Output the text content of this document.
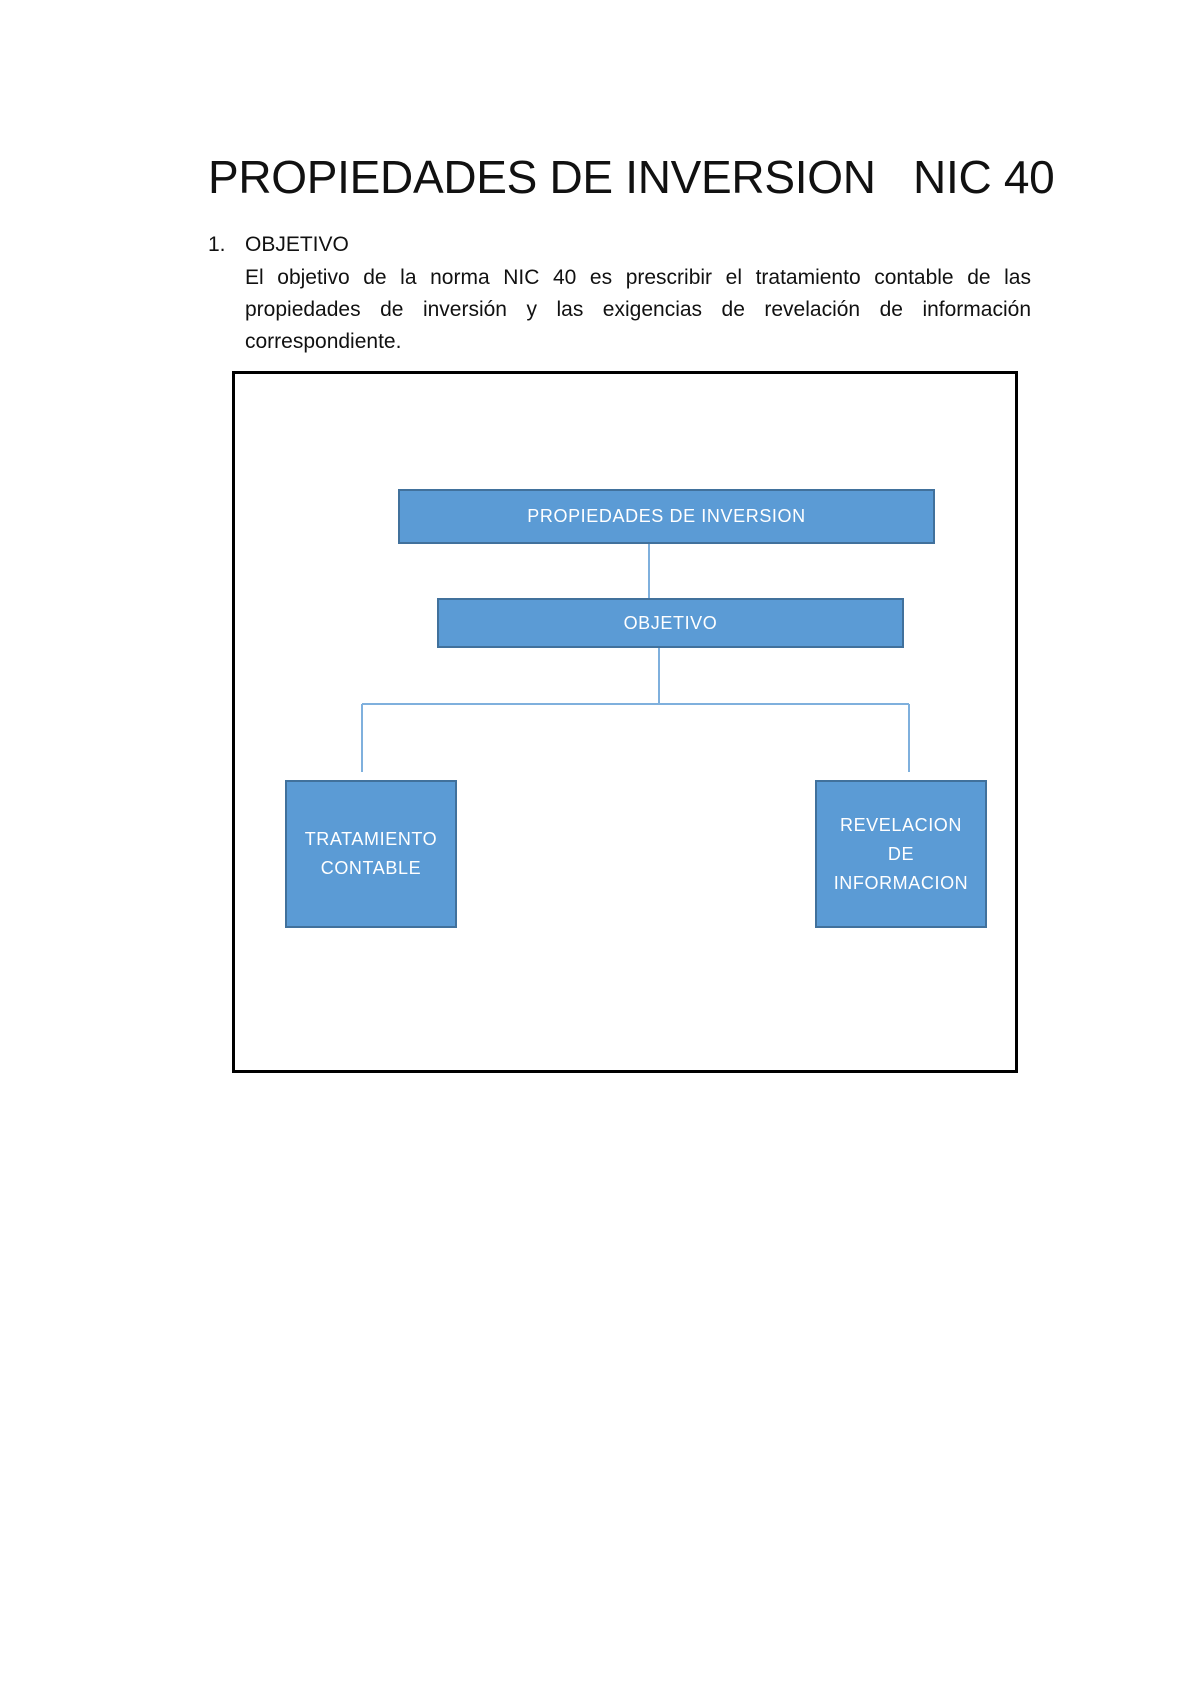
PROPIEDADES DE INVERSION   NIC 40
1. OBJETIVO

El objetivo de la norma NIC 40 es prescribir el tratamiento contable de las propiedades de inversión y las exigencias de revelación de información correspondiente.

PROPIEDADES DE INVERSION
OBJETIVO
TRATAMIENTO
CONTABLE
REVELACION
DE
INFORMACION
